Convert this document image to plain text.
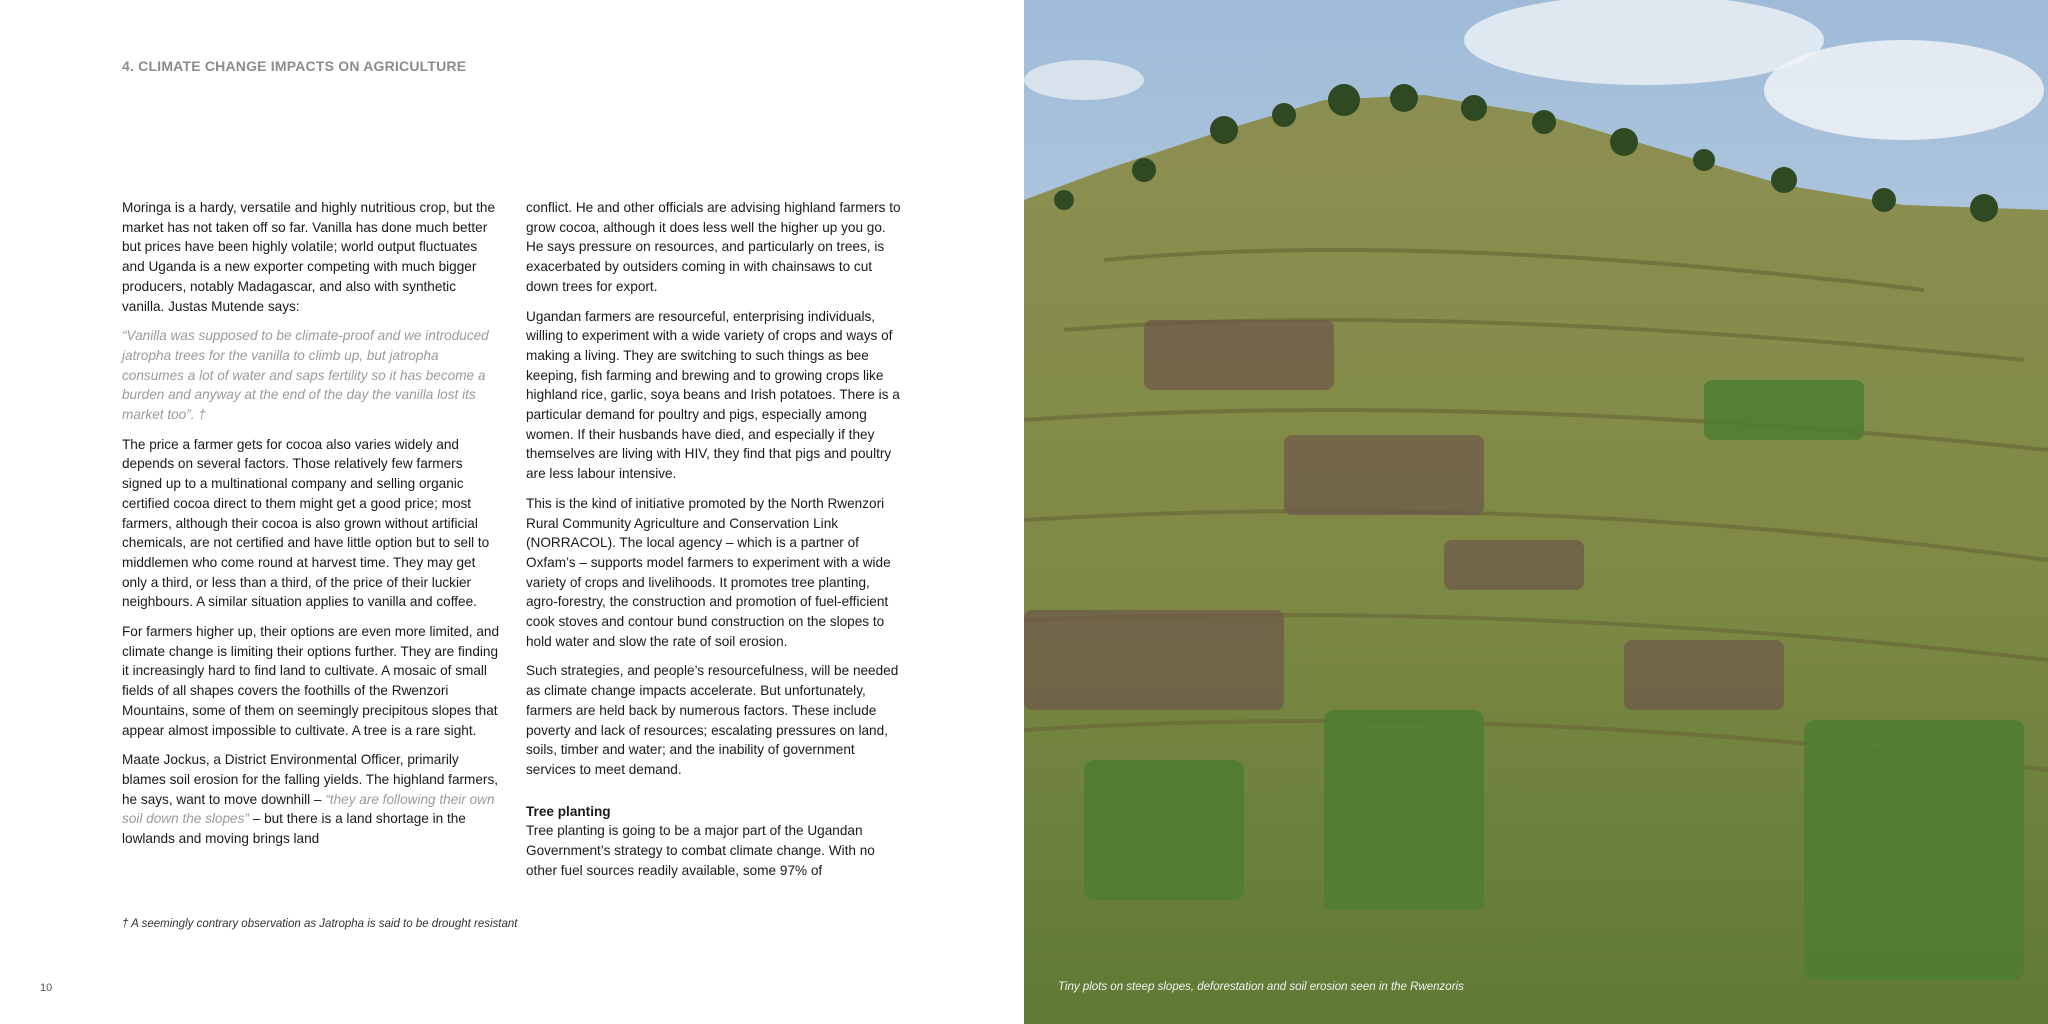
4. CLIMATE CHANGE IMPACTS ON AGRICULTURE

Moringa is a hardy, versatile and highly nutritious crop, but the market has not taken off so far. Vanilla has done much better but prices have been highly volatile; world output fluctuates and Uganda is a new exporter competing with much bigger producers, notably Madagascar, and also with synthetic vanilla. Justas Mutende says:

“Vanilla was supposed to be climate-proof and we introduced jatropha trees for the vanilla to climb up, but jatropha consumes a lot of water and saps fertility so it has become a burden and anyway at the end of the day the vanilla lost its market too”. †

The price a farmer gets for cocoa also varies widely and depends on several factors. Those relatively few farmers signed up to a multinational company and selling organic certified cocoa direct to them might get a good price; most farmers, although their cocoa is also grown without artificial chemicals, are not certified and have little option but to sell to middlemen who come round at harvest time. They may get only a third, or less than a third, of the price of their luckier neighbours. A similar situation applies to vanilla and coffee.

For farmers higher up, their options are even more limited, and climate change is limiting their options further. They are finding it increasingly hard to find land to cultivate. A mosaic of small fields of all shapes covers the foothills of the Rwenzori Mountains, some of them on seemingly precipitous slopes that appear almost impossible to cultivate. A tree is a rare sight.

Maate Jockus, a District Environmental Officer, primarily blames soil erosion for the falling yields. The highland farmers, he says, want to move downhill – “they are following their own soil down the slopes” – but there is a land shortage in the lowlands and moving brings land

conflict. He and other officials are advising highland farmers to grow cocoa, although it does less well the higher up you go. He says pressure on resources, and particularly on trees, is exacerbated by outsiders coming in with chainsaws to cut down trees for export.

Ugandan farmers are resourceful, enterprising individuals, willing to experiment with a wide variety of crops and ways of making a living. They are switching to such things as bee keeping, fish farming and brewing and to growing crops like highland rice, garlic, soya beans and Irish potatoes. There is a particular demand for poultry and pigs, especially among women. If their husbands have died, and especially if they themselves are living with HIV, they find that pigs and poultry are less labour intensive.

This is the kind of initiative promoted by the North Rwenzori Rural Community Agriculture and Conservation Link (NORRACOL). The local agency – which is a partner of Oxfam’s – supports model farmers to experiment with a wide variety of crops and livelihoods. It promotes tree planting, agro-forestry, the construction and promotion of fuel-efficient cook stoves and contour bund construction on the slopes to hold water and slow the rate of soil erosion.

Such strategies, and people’s resourcefulness, will be needed as climate change impacts accelerate. But unfortunately, farmers are held back by numerous factors. These include poverty and lack of resources; escalating pressures on land, soils, timber and water; and the inability of government services to meet demand.

Tree planting

Tree planting is going to be a major part of the Ugandan Government’s strategy to combat climate change. With no other fuel sources readily available, some 97% of

† A seemingly contrary observation as Jatropha is said to be drought resistant
10	Tiny plots on steep slopes, deforestation and soil erosion seen in the Rwenzoris
